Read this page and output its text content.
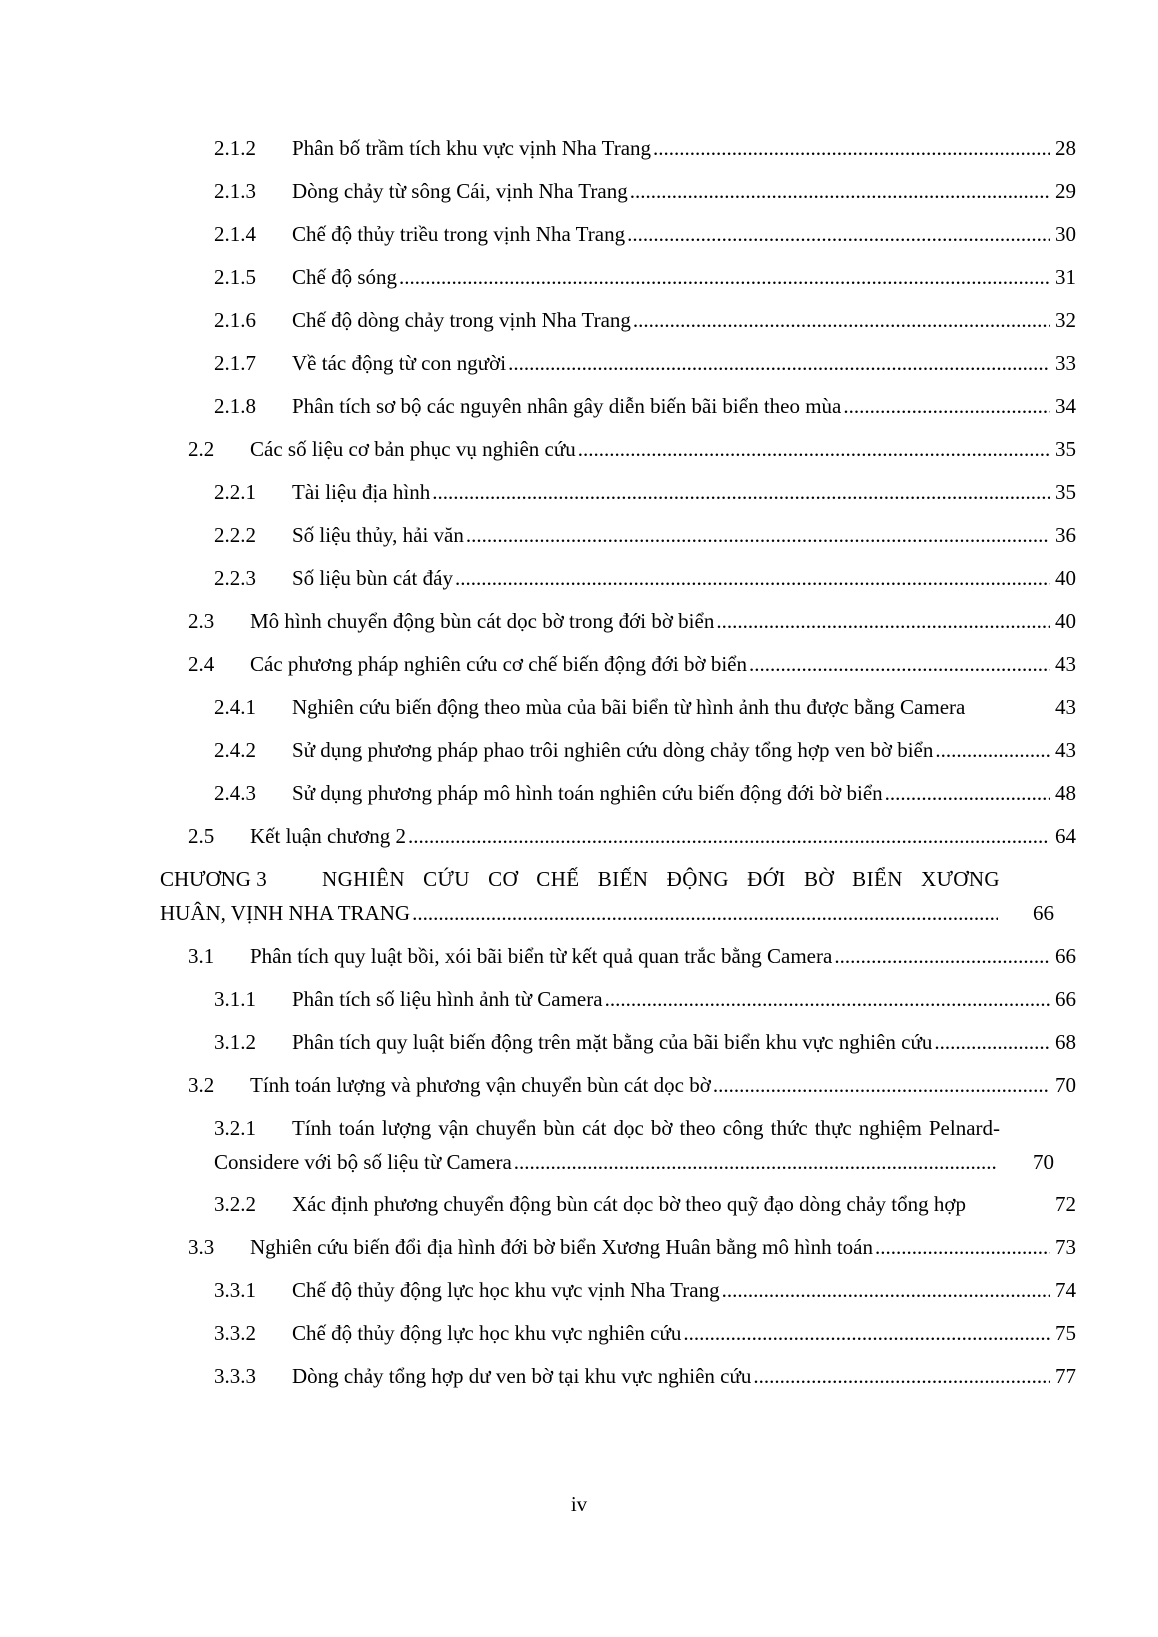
2.1.2 Phân bố trầm tích khu vực vịnh Nha Trang .....	28
2.1.3 Dòng chảy từ sông Cái, vịnh Nha Trang .....	29
2.1.4 Chế độ thủy triều trong vịnh Nha Trang .....	30
2.1.5 Chế độ sóng .....	31
2.1.6 Chế độ dòng chảy trong vịnh Nha Trang .....	32
2.1.7 Về tác động từ con người .....	33
2.1.8 Phân tích sơ bộ các nguyên nhân gây diễn biến bãi biển theo mùa .....	34
2.2 Các số liệu cơ bản phục vụ nghiên cứu .....	35
2.2.1 Tài liệu địa hình .....	35
2.2.2 Số liệu thủy, hải văn .....	36
2.2.3 Số liệu bùn cát đáy .....	40
2.3 Mô hình chuyển động bùn cát dọc bờ trong đới bờ biển .....	40
2.4 Các phương pháp nghiên cứu cơ chế biến động đới bờ biển .....	43
2.4.1 Nghiên cứu biến động theo mùa của bãi biển từ hình ảnh thu được bằng Camera	43
2.4.2 Sử dụng phương pháp phao trôi nghiên cứu dòng chảy tổng hợp ven bờ biển .....	43
2.4.3 Sử dụng phương pháp mô hình toán nghiên cứu biến động đới bờ biển .....	48
2.5 Kết luận chương 2 .....	64
CHƯƠNG 3	NGHIÊN CỨU CƠ CHẾ BIẾN ĐỘNG ĐỚI BỜ BIỂN XƯƠNG
HUÂN, VỊNH NHA TRANG .....	66
3.1 Phân tích quy luật bồi, xói bãi biển từ kết quả quan trắc bằng Camera .....	66
3.1.1 Phân tích số liệu hình ảnh từ Camera .....	66
3.1.2 Phân tích quy luật biến động trên mặt bằng của bãi biển khu vực nghiên cứu .....	68
3.2 Tính toán lượng và phương vận chuyển bùn cát dọc bờ .....	70
3.2.1 Tính toán lượng vận chuyển bùn cát dọc bờ theo công thức thực nghiệm Pelnard-
Considere với bộ số liệu từ Camera .....	70
3.2.2 Xác định phương chuyển động bùn cát dọc bờ theo quỹ đạo dòng chảy tổng hợp	72
3.3 Nghiên cứu biến đổi địa hình đới bờ biển Xương Huân bằng mô hình toán .....	73
3.3.1 Chế độ thủy động lực học khu vực vịnh Nha Trang .....	74
3.3.2 Chế độ thủy động lực học khu vực nghiên cứu .....	75
3.3.3 Dòng chảy tổng hợp dư ven bờ tại khu vực nghiên cứu .....	77
iv
